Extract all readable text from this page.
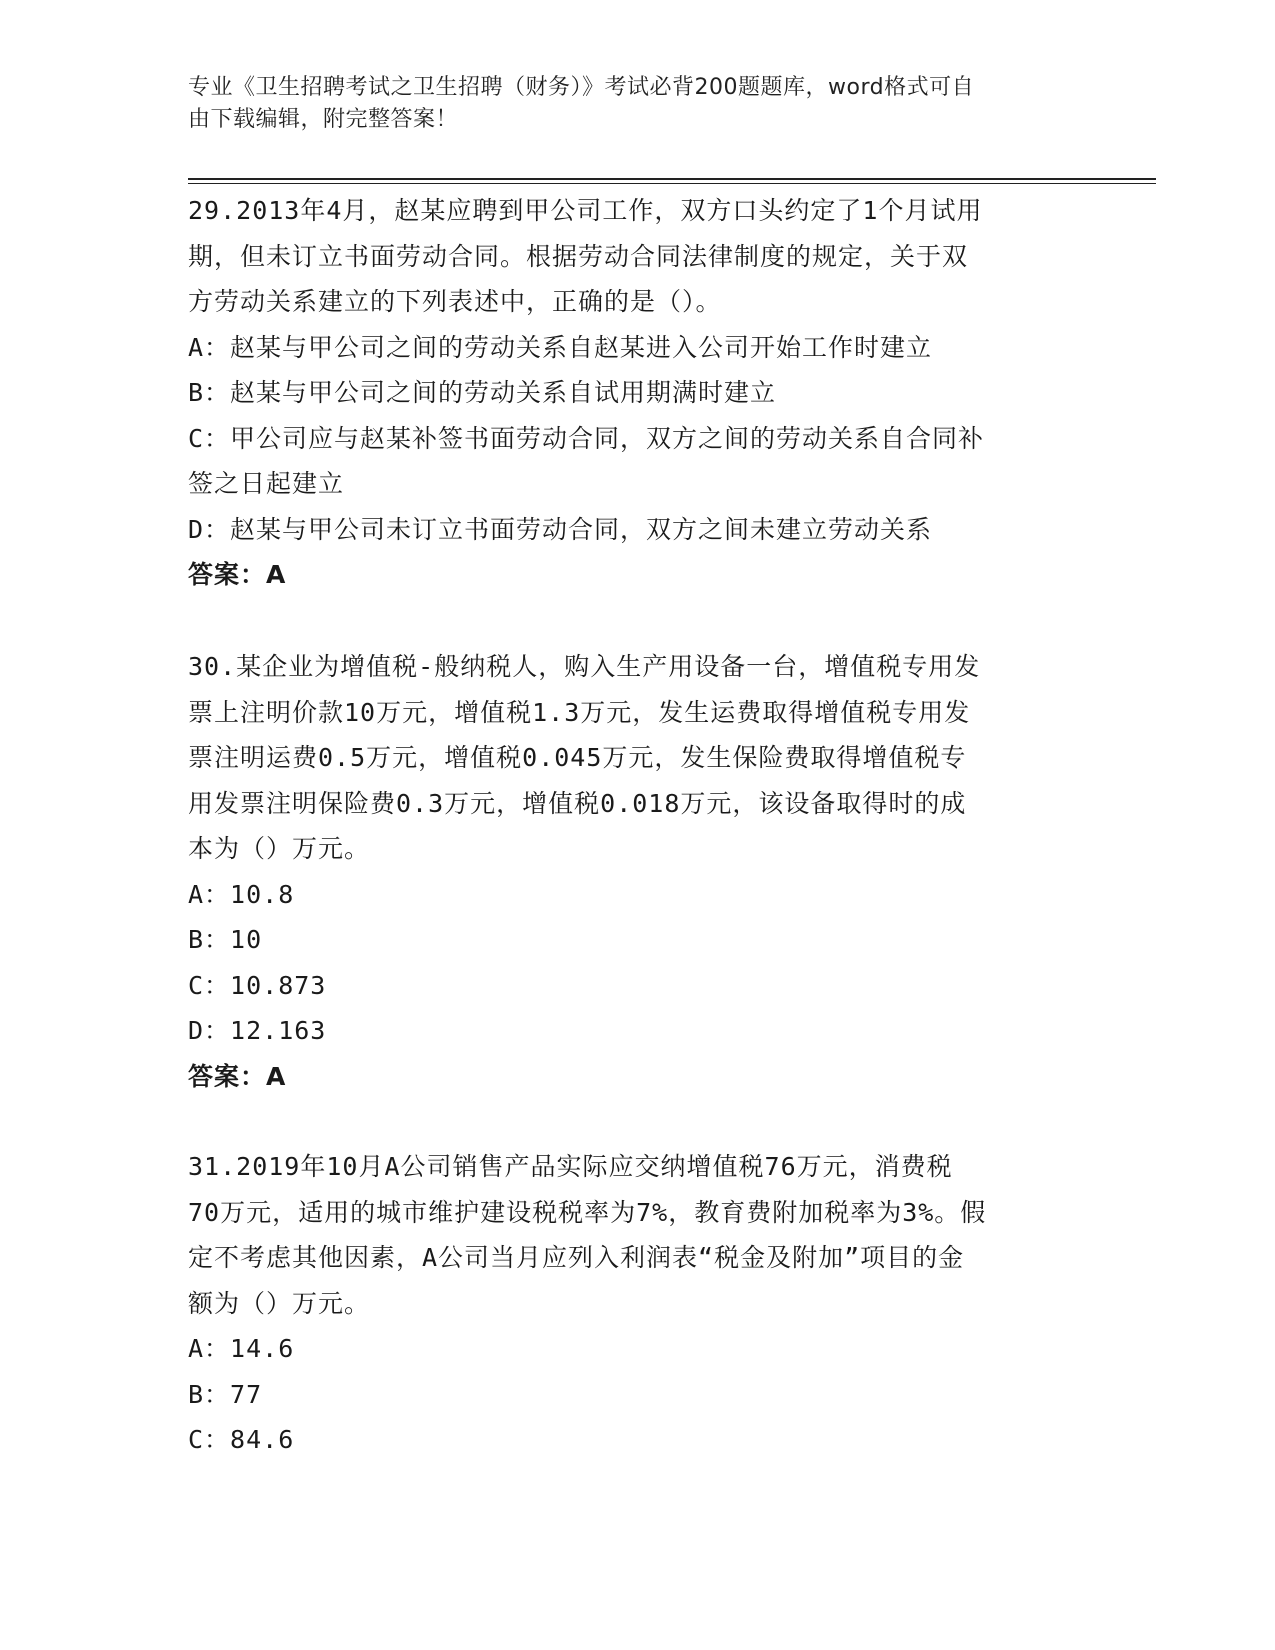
专业《卫生招聘考试之卫生招聘（财务）》考试必背200题题库，word格式可自
由下载编辑，附完整答案！

29.2013年4月，赵某应聘到甲公司工作，双方口头约定了1个月试用

期，但未订立书面劳动合同。根据劳动合同法律制度的规定，关于双

方劳动关系建立的下列表述中，正确的是（）。

A：赵某与甲公司之间的劳动关系自赵某进入公司开始工作时建立

B：赵某与甲公司之间的劳动关系自试用期满时建立

C：甲公司应与赵某补签书面劳动合同，双方之间的劳动关系自合同补

签之日起建立

D：赵某与甲公司未订立书面劳动合同，双方之间未建立劳动关系

答案：A

30.某企业为增值税-般纳税人，购入生产用设备一台，增值税专用发

票上注明价款10万元，增值税1.3万元，发生运费取得增值税专用发

票注明运费0.5万元，增值税0.045万元，发生保险费取得增值税专

用发票注明保险费0.3万元，增值税0.018万元，该设备取得时的成

本为（）万元。

A：10.8

B：10

C：10.873

D：12.163

答案：A

31.2019年10月A公司销售产品实际应交纳增值税76万元，消费税

70万元，适用的城市维护建设税税率为7%，教育费附加税率为3%。假

定不考虑其他因素，A公司当月应列入利润表“税金及附加”项目的金

额为（）万元。

A：14.6

B：77

C：84.6
